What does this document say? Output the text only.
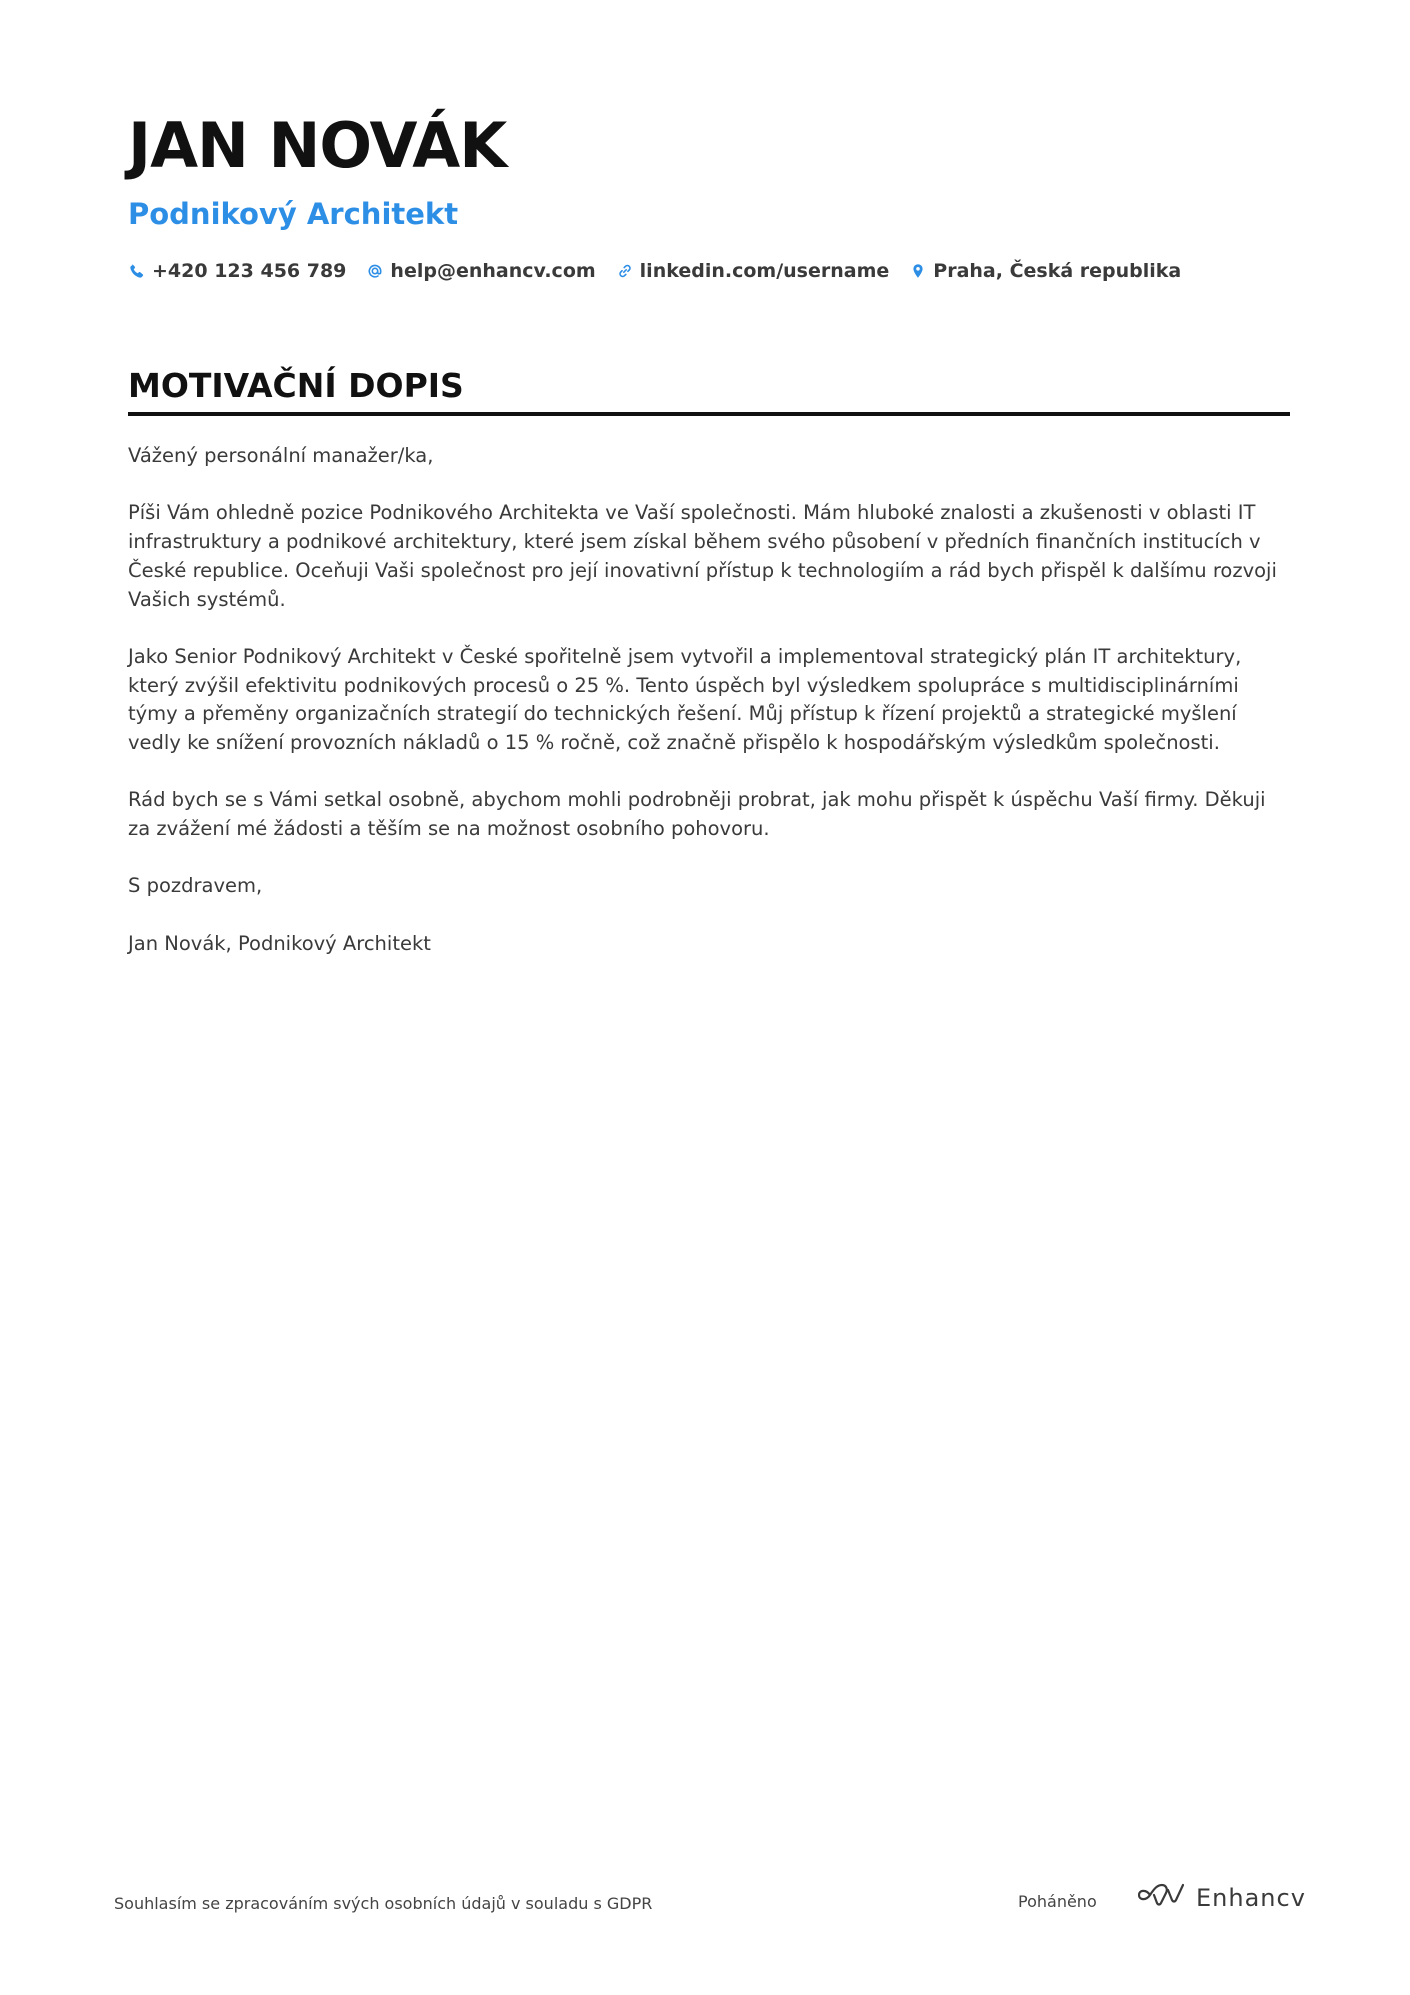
JAN NOVÁK
Podnikový Architekt
+420 123 456 789 help@enhancv.com linkedin.com/username Praha, Česká republika
MOTIVAČNÍ DOPIS

Vážený personální manažer/ka,

Píši Vám ohledně pozice Podnikového Architekta ve Vaší společnosti. Mám hluboké znalosti a zkušenosti v oblasti IT infrastruktury a podnikové architektury, které jsem získal během svého působení v předních finančních institucích v České republice. Oceňuji Vaši společnost pro její inovativní přístup k technologiím a rád bych přispěl k dalšímu rozvoji Vašich systémů.

Jako Senior Podnikový Architekt v České spořitelně jsem vytvořil a implementoval strategický plán IT architektury, který zvýšil efektivitu podnikových procesů o 25 %. Tento úspěch byl výsledkem spolupráce s multidisciplinárními týmy a přeměny organizačních strategií do technických řešení. Můj přístup k řízení projektů a strategické myšlení vedly ke snížení provozních nákladů o 15 % ročně, což značně přispělo k hospodářským výsledkům společnosti.

Rád bych se s Vámi setkal osobně, abychom mohli podrobněji probrat, jak mohu přispět k úspěchu Vaší firmy. Děkuji za zvážení mé žádosti a těším se na možnost osobního pohovoru.

S pozdravem,

Jan Novák, Podnikový Architekt

Souhlasím se zpracováním svých osobních údajů v souladu s GDPR	Poháněno	Enhancv
